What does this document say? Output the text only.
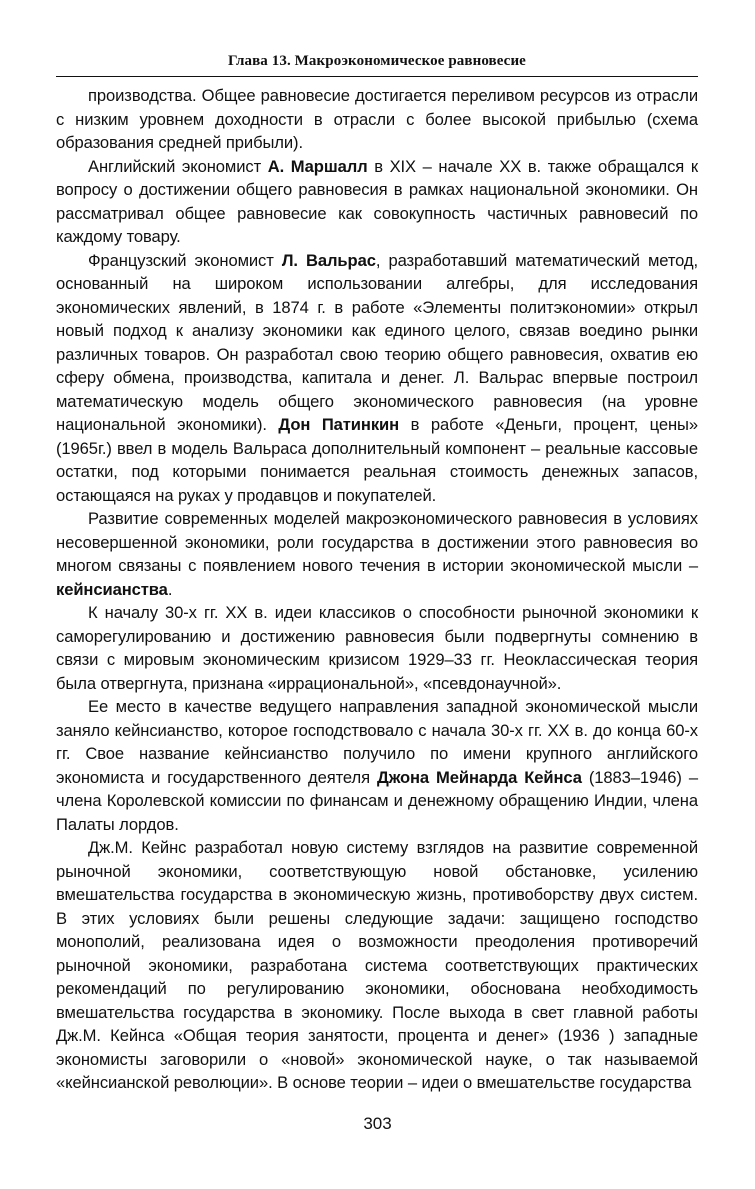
Глава 13. Макроэкономическое равновесие

производства. Общее равновесие достигается переливом ресурсов из отрасли с низким уровнем доходности в отрасли с более высокой прибылью (схема образования средней прибыли).

Английский экономист А. Маршалл в XIX – начале XX в. также обращался к вопросу о достижении общего равновесия в рамках национальной экономики. Он рассматривал общее равновесие как совокупность частичных равновесий по каждому товару.

Французский экономист Л. Вальрас, разработавший математический метод, основанный на широком использовании алгебры, для исследования экономических явлений, в 1874 г. в работе «Элементы политэкономии» открыл новый подход к анализу экономики как единого целого, связав воедино рынки различных товаров. Он разработал свою теорию общего равновесия, охватив ею сферу обмена, производства, капитала и денег. Л. Вальрас впервые построил математическую модель общего экономического равновесия (на уровне национальной экономики). Дон Патинкин в работе «Деньги, процент, цены» (1965г.) ввел в модель Вальраса дополнительный компонент – реальные кассовые остатки, под которыми понимается реальная стоимость денежных запасов, остающаяся на руках у продавцов и покупателей.

Развитие современных моделей макроэкономического равновесия в условиях несовершенной экономики, роли государства в достижении этого равновесия во многом связаны с появлением нового течения в истории экономической мысли – кейнсианства.

К началу 30-х гг. XX в. идеи классиков о способности рыночной экономики к саморегулированию и достижению равновесия были подвергнуты сомнению в связи с мировым экономическим кризисом 1929–33 гг. Неоклассическая теория была отвергнута, признана «иррациональной», «псевдонаучной».

Ее место в качестве ведущего направления западной экономической мысли заняло кейнсианство, которое господствовало с начала 30-х гг. XX в. до конца 60-х гг. Свое название кейнсианство получило по имени крупного английского экономиста и государственного деятеля Джона Мейнарда Кейнса (1883–1946) – члена Королевской комиссии по финансам и денежному обращению Индии, члена Палаты лордов.

Дж.М. Кейнс разработал новую систему взглядов на развитие современной рыночной экономики, соответствующую новой обстановке, усилению вмешательства государства в экономическую жизнь, противоборству двух систем. В этих условиях были решены следующие задачи: защищено господство монополий, реализована идея о возможности преодоления противоречий рыночной экономики, разработана система соответствующих практических рекомендаций по регулированию экономики, обоснована необходимость вмешательства государства в экономику. После выхода в свет главной работы Дж.М. Кейнса «Общая теория занятости, процента и денег» (1936 ) западные экономисты заговорили о «новой» экономической науке, о так называемой «кейнсианской революции». В основе теории – идеи о вмешательстве государства

303
